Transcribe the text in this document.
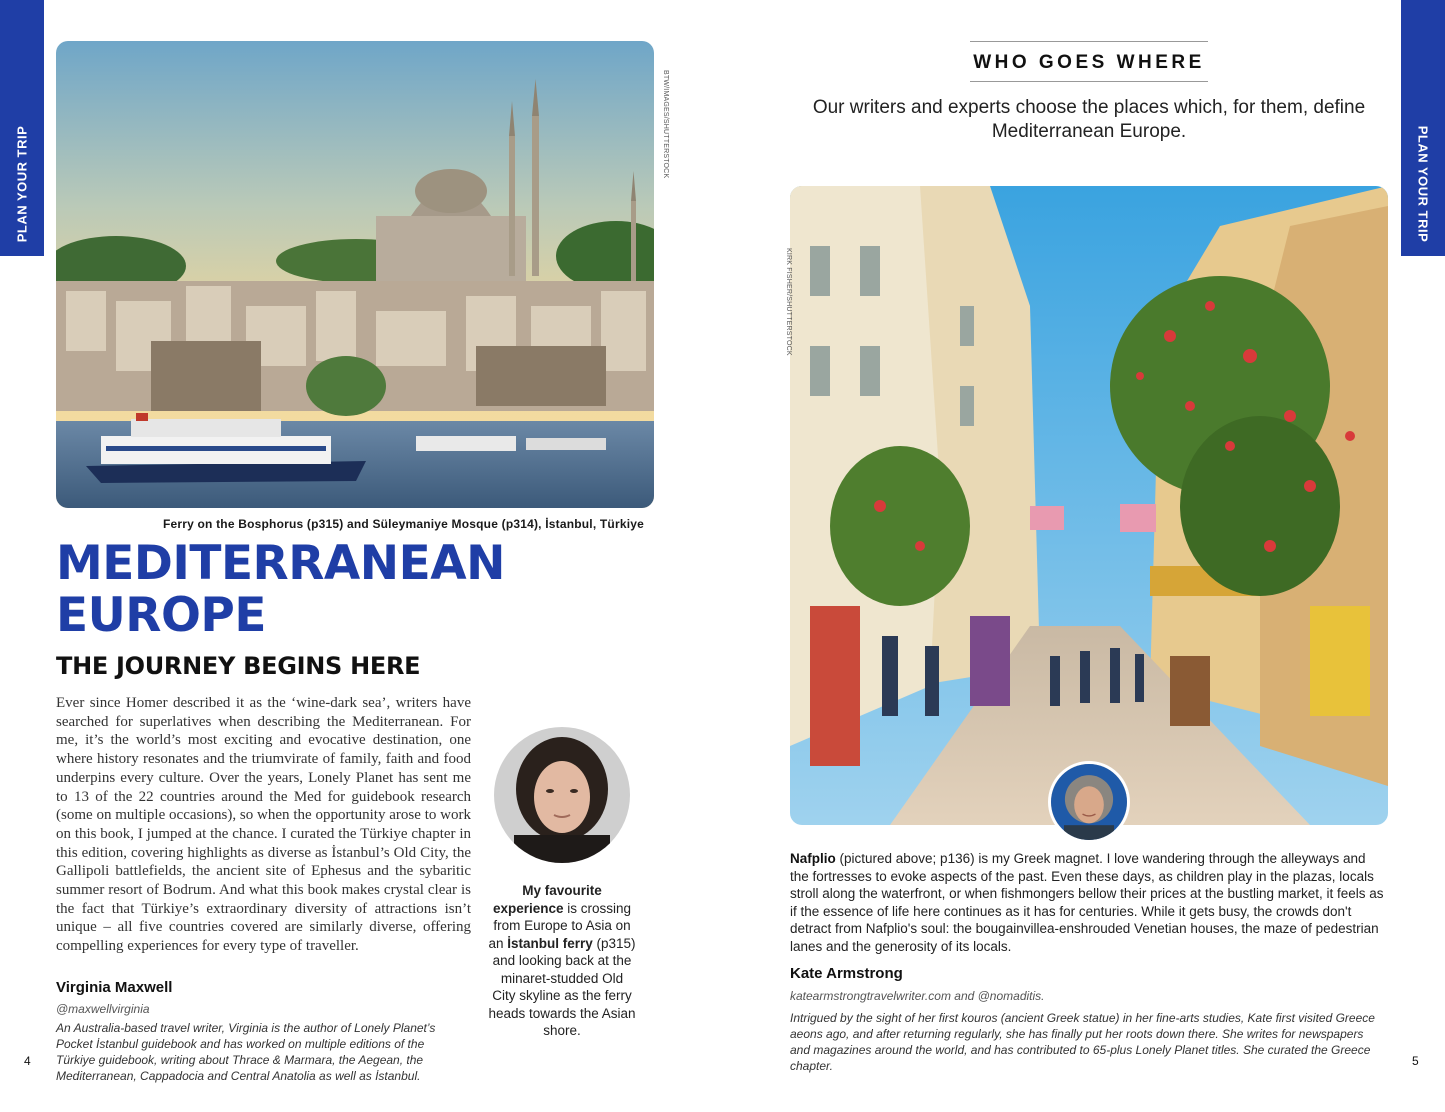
PLAN YOUR TRIP	PLAN YOUR TRIP
BTW/IMAGES/SHUTTERSTOCK
Ferry on the Bosphorus (p315) and Süleymaniye Mosque (p314), İstanbul, Türkiye
MEDITERRANEAN
EUROPE
THE JOURNEY BEGINS HERE
Ever since Homer described it as the ‘wine-dark sea’, writers have searched for superlatives when describing the Mediterranean. For me, it’s the world’s most exciting and evocative destination, one where history resonates and the triumvirate of family, faith and food underpins every culture. Over the years, Lonely Planet has sent me to 13 of the 22 countries around the Med for guidebook research (some on multiple occasions), so when the opportunity arose to work on this book, I jumped at the chance. I curated the Türkiye chapter in this edition, covering highlights as diverse as İstanbul’s Old City, the Gallipoli battlefields, the ancient site of Ephesus and the sybaritic summer resort of Bodrum. And what this book makes crystal clear is the fact that Türkiye’s extraordinary diversity of attractions isn’t unique – all five countries covered are similarly diverse, offering compelling experiences for every type of traveller.
Virginia Maxwell
@maxwellvirginia
An Australia-based travel writer, Virginia is the author of Lonely Planet’s Pocket İstanbul guidebook and has worked on multiple editions of the Türkiye guidebook, writing about Thrace & Marmara, the Aegean, the Mediterranean, Cappadocia and Central Anatolia as well as İstanbul.
My favourite
experience is crossing from Europe to Asia on an İstanbul ferry (p315) and looking back at the minaret-studded Old City skyline as the ferry heads towards the Asian shore.
4
WHO GOES WHERE
Our writers and experts choose the places which, for them, define Mediterranean Europe.
KIRK FISHER/SHUTTERSTOCK
Nafplio (pictured above; p136) is my Greek magnet. I love wandering through the alleyways and the fortresses to evoke aspects of the past. Even these days, as children play in the plazas, locals stroll along the waterfront, or when fishmongers bellow their prices at the bustling market, it feels as if the essence of life here continues as it has for centuries. While it gets busy, the crowds don't detract from Nafplio's soul: the bougainvillea-enshrouded Venetian houses, the maze of pedestrian lanes and the generosity of its locals.
Kate Armstrong
katearmstrongtravelwriter.com and @nomaditis.
Intrigued by the sight of her first kouros (ancient Greek statue) in her fine-arts studies, Kate first visited Greece aeons ago, and after returning regularly, she has finally put her roots down there. She writes for newspapers and magazines around the world, and has contributed to 65-plus Lonely Planet titles. She curated the Greece chapter.	5
